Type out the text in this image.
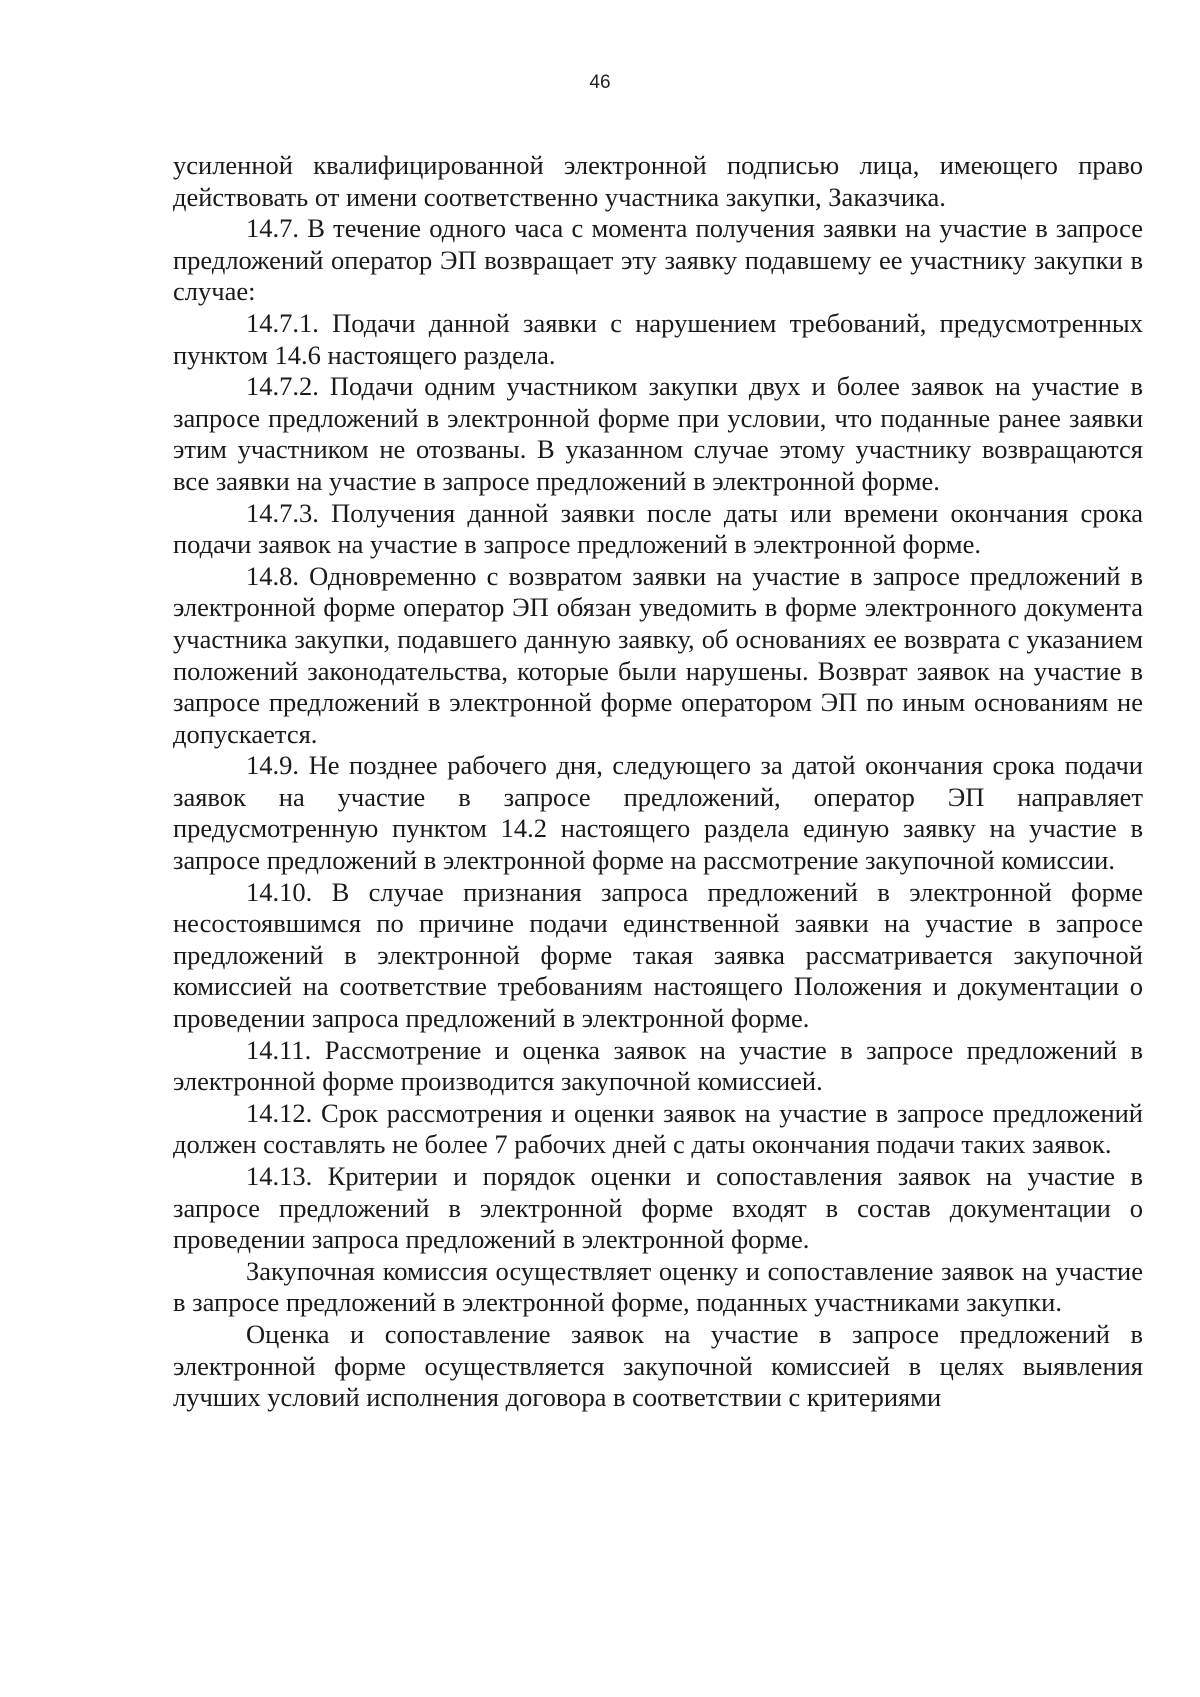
46

усиленной квалифицированной электронной подписью лица, имеющего право действовать от имени соответственно участника закупки, Заказчика.

14.7. В течение одного часа с момента получения заявки на участие в запросе предложений оператор ЭП возвращает эту заявку подавшему ее участнику закупки в случае:

14.7.1. Подачи данной заявки с нарушением требований, предусмотренных пунктом 14.6 настоящего раздела.

14.7.2. Подачи одним участником закупки двух и более заявок на участие в запросе предложений в электронной форме при условии, что поданные ранее заявки этим участником не отозваны. В указанном случае этому участнику возвращаются все заявки на участие в запросе предложений в электронной форме.

14.7.3. Получения данной заявки после даты или времени окончания срока подачи заявок на участие в запросе предложений в электронной форме.

14.8. Одновременно с возвратом заявки на участие в запросе предложений в электронной форме оператор ЭП обязан уведомить в форме электронного документа участника закупки, подавшего данную заявку, об основаниях ее возврата с указанием положений законодательства, которые были нарушены. Возврат заявок на участие в запросе предложений в электронной форме оператором ЭП по иным основаниям не допускается.

14.9. Не позднее рабочего дня, следующего за датой окончания срока подачи заявок на участие в запросе предложений, оператор ЭП направляет предусмотренную пунктом 14.2 настоящего раздела единую заявку на участие в запросе предложений в электронной форме на рассмотрение закупочной комиссии.

14.10. В случае признания запроса предложений в электронной форме несостоявшимся по причине подачи единственной заявки на участие в запросе предложений в электронной форме такая заявка рассматривается закупочной комиссией на соответствие требованиям настоящего Положения и документации о проведении запроса предложений в электронной форме.

14.11. Рассмотрение и оценка заявок на участие в запросе предложений в электронной форме производится закупочной комиссией.

14.12. Срок рассмотрения и оценки заявок на участие в запросе предложений должен составлять не более 7 рабочих дней с даты окончания подачи таких заявок.

14.13. Критерии и порядок оценки и сопоставления заявок на участие в запросе предложений в электронной форме входят в состав документации о проведении запроса предложений в электронной форме.

Закупочная комиссия осуществляет оценку и сопоставление заявок на участие в запросе предложений в электронной форме, поданных участниками закупки.

Оценка и сопоставление заявок на участие в запросе предложений в электронной форме осуществляется закупочной комиссией в целях выявления лучших условий исполнения договора в соответствии с критериями
